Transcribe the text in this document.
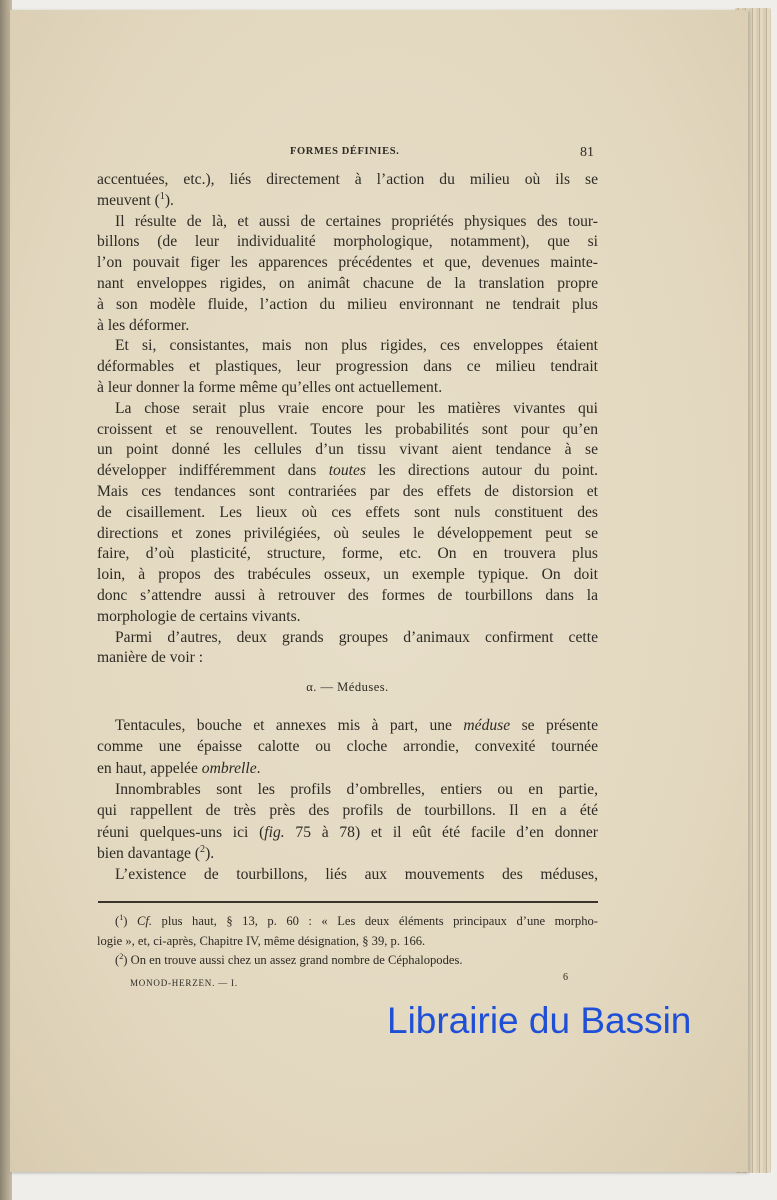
FORMES DÉFINIES.	81
accentuées, etc.), liés directement à l’action du milieu où ils se
meuvent ($^1$).
Il résulte de là, et aussi de certaines propriétés physiques des tour-
billons (de leur individualité morphologique, notamment), que si
l’on pouvait figer les apparences précédentes et que, devenues mainte-
nant enveloppes rigides, on animât chacune de la translation propre
à son modèle fluide, l’action du milieu environnant ne tendrait plus
à les déformer.
Et si, consistantes, mais non plus rigides, ces enveloppes étaient
déformables et plastiques, leur progression dans ce milieu tendrait
à leur donner la forme même qu’elles ont actuellement.
La chose serait plus vraie encore pour les matières vivantes qui
croissent et se renouvellent. Toutes les probabilités sont pour qu’en
un point donné les cellules d’un tissu vivant aient tendance à se
développer indifféremment dans toutes les directions autour du point.
Mais ces tendances sont contrariées par des effets de distorsion et
de cisaillement. Les lieux où ces effets sont nuls constituent des
directions et zones privilégiées, où seules le développement peut se
faire, d’où plasticité, structure, forme, etc. On en trouvera plus
loin, à propos des trabécules osseux, un exemple typique. On doit
donc s’attendre aussi à retrouver des formes de tourbillons dans la
morphologie de certains vivants.
Parmi d’autres, deux grands groupes d’animaux confirment cette
manière de voir :
α. — Méduses.
Tentacules, bouche et annexes mis à part, une méduse se présente
comme une épaisse calotte ou cloche arrondie, convexité tournée
en haut, appelée ombrelle.
Innombrables sont les profils d’ombrelles, entiers ou en partie,
qui rappellent de très près des profils de tourbillons. Il en a été
réuni quelques-uns ici (fig. 75 à 78) et il eût été facile d’en donner
bien davantage ($^2$).
L’existence de tourbillons, liés aux mouvements des méduses,
($^1$) Cf. plus haut, § 13, p. 60 : « Les deux éléments principaux d’une morpho-
logie », et, ci-après, Chapitre IV, même désignation, § 39, p. 166.
($^2$) On en trouve aussi chez un assez grand nombre de Céphalopodes.
MONOD-HERZEN. — I.	6
Librairie du Bassin
